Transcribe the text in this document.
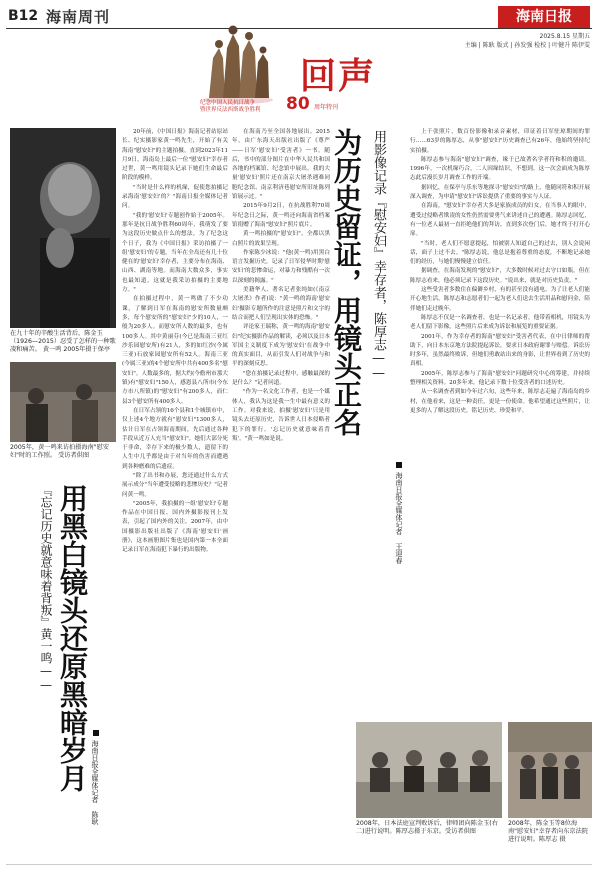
B12 海南周刊	海南日报
2025.8.15 星期五
主编 | 陈耿 版式 | 孙发强 检校 | 叶健升 陈伊雯
回声
纪念中国人民抗日战争
暨世界反法西斯战争胜利	80 周年特刊
在九十年的辛酸生活背后，陈金玉（1926—2015）忍受了怎样的一种歌凌和痛苦。 黄一鸣 2005年摄于保亭
2005年，黄一鸣来访拍摄海南"慰安妇"时的工作照。 受访者供图
用黑白镜头还原黑暗岁月
『忘记历史就意味着背叛』黄一鸣——
海南日报全媒体记者 陈耿

20年前，《中国日报》海南记者站原站长、纪实摄影家黄一鸣先生，开始了有关海南"慰安妇"的主题拍摄。直到2023年11月9日，海南岛上最后一位"慰安妇"幸存者过世，黄一鸣用镜头记录下她们生命最后阶段的模样。

"当时是什么样的机缘，促使您拍摄记录海南'慰安妇'的？"海南日报全媒体记者问。

"我的'慰安妇'专题创作始于2005年。那年是抗日战争胜利60周年，我萌发了要为这段历史做点什么的想法。为了纪念这个日子，我为《中国日报》采访拍摄了一组'慰安妇'的专题。当年在全岛还有几十位健在的'慰安妇'幸存者，主要分布在海南、山西、湖南等地。而海南大数众多，事实也最知道，这就是我采访拍摄的主要地方。"

在拍摄过程中，黄一鸣做了不少功课，了解到日军在海南的慰安所数量颇多，每个慰安所的"慰安妇"少的10人，一般为20多人。而慰安所人数的最多，也有100多人。其中黄丽芬(今已是海南三亚红沙乐园慰安所)有21人，多的如红沙(今属三亚)石放家园慰安所有52人。海南三亚(今属三亚)的4个慰安所中共有400多名"慰安妇"。人数最多的，据大约(今儋州市那大镇)有"慰安妇"150人，感恩县八所市(今东方市八所镇)的"慰安妇"有200多人，而仁县3个慰安所有400多人。

在日军占领的16个县和1个城镇市中，仅上述4个地方就有"慰安妇"1300多人，估计日军在占领海南期间，先后通过各种手段从近万人充当"慰安妇"。她们大部分死于非命，幸存下来的极少数人，遗留下的人生中几乎都是由于对当年的伤害而遭遇到各种磨难的后遗症。

"除了出书和办展，您还通过什么方式展示成分"当年遭受侵略的悲惨历史？"记者问黄一鸣。

"2005年，我拍摄的一组'慰安妇'专题作品在中国日报、国内外摄影报刊上发表，引起了国内外的关注。2007年，由中国摄影出版社出版了《海南'慰安妇'画册》，这本画册图片集也是国内第一本全面记录日军在海南犯下暴行的出版物。

在海南乃至全国各地展出。2015年，由广东海天出版社出版了《尊严——日军'慰安妇'受害者》一书。随后，书中的部分图片在中华人民共和国各地的档案馆、纪念馆中展出。我的大量'慰安妇'照片还在南京大屠杀遇难同胞纪念馆、南京利济巷慰安所旧址陈列馆展示过。"

2015年9月2日，在抗战胜利70周年纪念日之际，黄一鸣还向海南省档案馆捐赠了海南"慰安妇"照片底片。

黄一鸣拍摄的"慰安妇"，全都以黑白照片的效果呈现。

作家陈少冰说："他(黄一鸣)用黑白语言发掘历史，记录了日军侵华时期'慰安妇'的悲惨命运，对暴力和残酷有一次以深刻的揭露。"

美籍华人、著名记者张纯如(《南京大屠杀》作者)说："黄一鸣的海南'慰安妇'摄影专题所作的注意是照片和文字的结合而把人们呈现出实体的恐怖。"

评论家王瑞称，黄一鸣的海南"慰安妇"纪实摄影作品的解读，必须以及日本军国主义制度下成为'慰安妇'在战争中的真实面目，从而引发人们对战争与和平的深刻反思。

"您在拍摄记录过程中，感触最深的是什么？"记者问道。

"作为一名文化工作者，也是一个媒体人，我认为这是我一生中最有意义的工作。对我来说，拍摄'慰安妇'只是用镜头去还原历史，告诉世人日本侵略者犯下的罪行。'忘记历史就意味着背叛'。"黄一鸣如是说。

为历史留证，用镜头正名 用影像记录『慰安妇』幸存者，陈厚志——
海南日报全媒体记者 王迎春

上千张照片，数百份影像和录音素材，印证着日军驻琼期间的罪行……63岁的陈厚志，从事"慰安妇"历史调查已有26年，他始终坚持纪实拍摄。

陈厚志参与海南"慰安妇"调查，缘于已故著名学者符和积的邀请。1996年，一次机缘巧合，二人因缘结识，不想到，这一次会面成为陈厚志此后漫长岁月调查工作的开端。

据回忆，在保亭与乐东等地探寻"慰安妇"的路上，他随同符和积开展深入调查，为申请"慰安妇"诉讼提供了重要的事实与人证。

在海南，"慰安妇"幸存者大多是家族成员的妇女，在当事人的眼中，遭受过侵略者欺凌的女性仍然需要勇气来讲述自己的遭遇。陈厚志回忆，有一位老人最初一直拒绝他们的拜访，直到多次登门后，她才终于打开心扉。

"当时，老人们不愿意提起，怕被别人知道自己的过去，别人会说闲话，面子上过不去。"陈厚志说，他总是抱着尊重的态度，不断地记录她们的经历，与她们慢慢建立信任。

据调查，在海南发现的"慰安妇"，大多数时候对过去守口如瓶，但在陈厚志看来，他必须记录下这段历史。"说出来，就是对历史负责。"

这些受害者多数住在偏僻乡村，有的甚至没有通电。为了让老人们能开心地生活，陈厚志和志愿者们一起为老人们送去生活用品和慰问金，陪伴她们走过晚年。

陈厚志不仅是一名调查者，也是一名记录者。他带着相机，用镜头为老人们留下影像，这些照片后来成为诉讼和展览的重要证据。

2001年，作为幸存者的海南"慰安妇"受害者代表，在中日律师的帮助下，向日本东京地方法院提起诉讼，要求日本政府谢罪与赔偿。诉讼历时多年，虽然最终败诉，但她们勇敢站出来的身影，让世界看到了历史的真相。

2005年，陈厚志参与了海南"慰安妇"问题研究中心的筹建，并持续整理相关资料。20多年来，他记录下数十位受害者的口述历史。

从一名调查者到如今年过六旬，这些年来，陈厚志走遍了海南岛的乡村，在他看来，这是一种责任，更是一份使命。他希望通过这些照片，让更多的人了解这段历史，铭记历史、珍爱和平。

2008年，日本法庭宣判败诉后，律师团向陈金玉(右二)进行说明。陈厚志摄于东京。受访者供图
2008年，陈金玉等8位海南"慰安妇"幸存者向东京法院进行说明。陈厚志 摄
